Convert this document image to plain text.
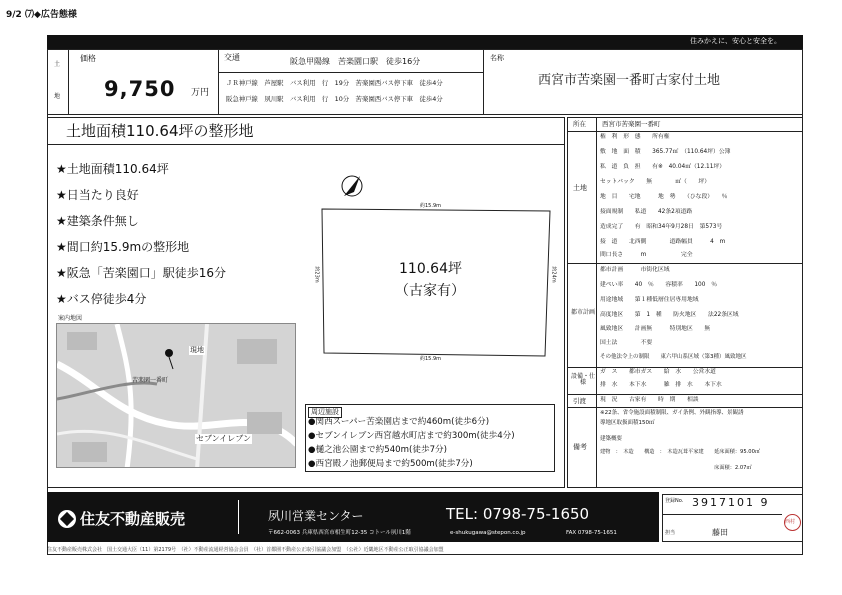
9/2 ⑺◆広告態様
住みかえに、安心と安全を。
土
地
価格
9,750 万円
交通	阪急甲陽線　苦楽園口駅　徒歩16分
ＪＲ神戸線　芦屋駅　バス利用　行　19分　苦楽園西バス停下車　徒歩4分
阪急神戸線　夙川駅　バス利用　行　10分　苦楽園西バス停下車　徒歩4分
名称
西宮市苦楽園一番町古家付土地
土地面積110.64坪の整形地
★土地面積110.64坪
★日当たり良好
★建築条件無し
★間口約15.9mの整形地
★阪急「苦楽園口」駅徒歩16分
★バス停徒歩4分
110.64坪
（古家有）
約15.9m
約15.9m
約23m	約24m
案内地図
現地
苦楽園一番町
セブンイレブン
周辺施設
●関西スーパー苦楽園店まで約460m(徒歩6分)
●セブンイレブン西宮越水町店まで約300m(徒歩4分)
●樋之池公園まで約540m(徒歩7分)
●西宮殿ノ池郵便局まで約500m(徒歩7分)
所在 西宮市苦楽園一番町
土地
権　利　形　態　　所有権
敷　地　面　積　　365.77㎡　（110.64坪）公簿
私　道　負　担　　有※　40.04㎡（12.11坪）
セットバック　　無　　　　㎡（　　坪）
地　目　　宅地　　　地　勢　　（ひな段）　　％
接面規制　　私道　　42条2項道路
造成完了　　有　昭和34年9月28日　第573号
接　道　　北西側　　　　道路幅員　　　4　m
間口長さ　　　m　　　　　　完全
都市計画
都市計画　　　市街化区域
建ぺい率　　40　％　　容積率　　100　％
用途地域　　第１種低層住居専用地域
高度地区　　第　1　種　　防火地区　　法22条区域
風致地区　　計画無　　　特別地区　　無
国土法　　　　不要
その他法令上の制限　　東六甲山系区域（第3種）風致地区
設備・仕様
ガ　ス　　都市ガス　　給　水　　公営水道
排　水　　本下水　　　雑　排　水　　本下水
引渡 現　況　　古家有　　時　期　　相談
備考
※22条、省令施設面積制限、ガイ条例、外観指導、景観誘
導地区取扱面積150㎡
建築概要
建物　：　木造　　構造　：　木造瓦葺平家建　　延床面積：95.00㎡
　　　　　　　　　　　　　　　　　　　　　　床面積：2.07㎡
住友不動産販売	夙川営業センター	TEL: 0798-75-1650
〒662-0063 兵庫県西宮市相生町12-35 コトール夙川1階	e-shukugawa@stepon.co.jp	FAX 0798-75-1651
登録No. 3917101 9
担当	藤田
西村
住友不動産販売株式会社　国土交通大臣（11）第2179号　（社）不動産流通経営協会会員　（社）首都圏不動産公正取引協議会加盟　（公社）近畿地区不動産公正取引協議会加盟
